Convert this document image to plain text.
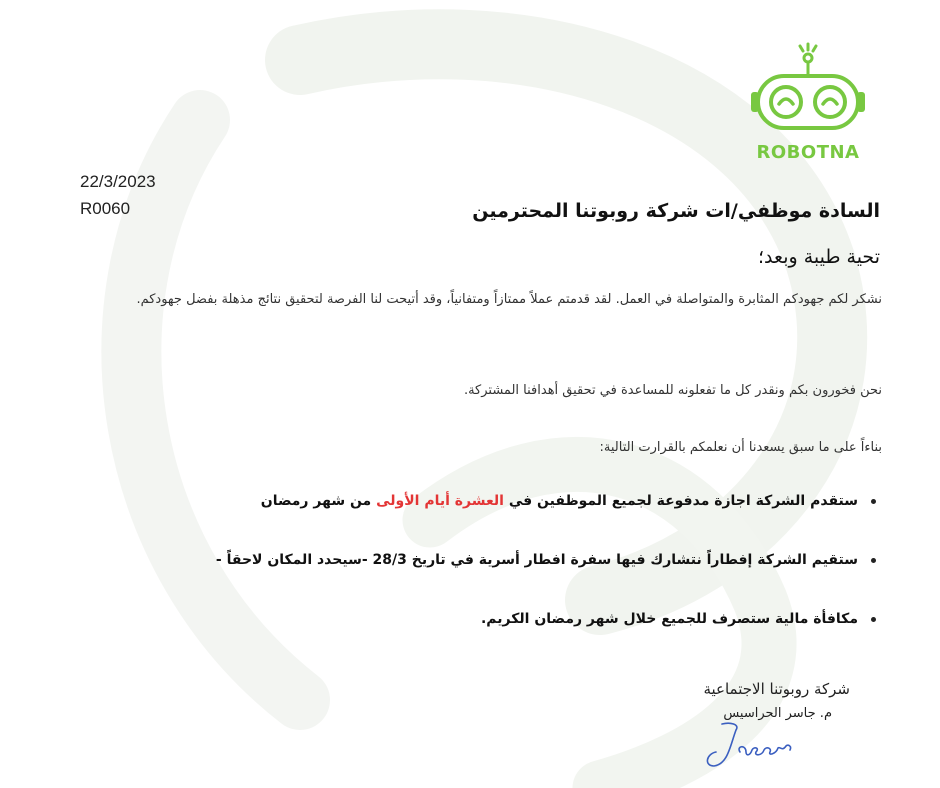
ROBOTNA
22/3/2023
R0060	السادة موظفي/ات شركة روبوتنا المحترمين
تحية طيبة وبعد؛
نشكر لكم جهودكم المثابرة والمتواصلة في العمل. لقد قدمتم عملاً ممتازاً ومتفانياً، وقد أتيحت لنا الفرصة لتحقيق نتائج مذهلة بفضل جهودكم.
نحن فخورون بكم ونقدر كل ما تفعلونه للمساعدة في تحقيق أهدافنا المشتركة.
بناءاً على ما سبق يسعدنا أن نعلمكم بالقرارت التالية:
ستقدم الشركة اجازة مدفوعة لجميع الموظفين في العشرة أيام الأولى من شهر رمضان
ستقيم الشركة إفطاراً نتشارك فيها سفرة افطار أسرية في تاريخ 28/3 -سيحدد المكان لاحقاً -
مكافأة مالية ستصرف للجميع خلال شهر رمضان الكريم.
شركة روبوتنا الاجتماعية
م. جاسر الحراسيس
